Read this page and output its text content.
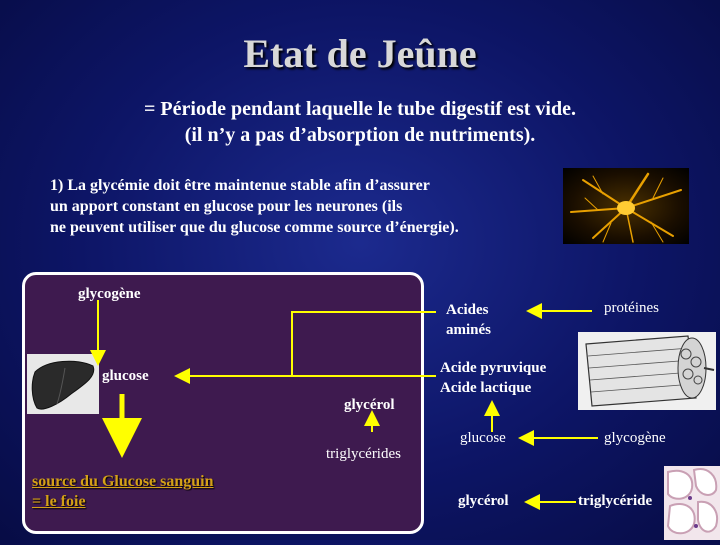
Etat de Jeûne
= Période pendant laquelle le tube digestif est vide.
(il n’y a pas d’absorption de nutriments).
1) La glycémie doit être maintenue stable afin d’assurer
un apport constant en glucose pour les neurones (ils
ne peuvent utiliser que du glucose comme source d’énergie).
glycogène
glucose
glycérol
triglycérides
source du Glucose sanguin
= le foie
Acides
aminés
protéines
Acide pyruvique
Acide lactique
glucose	glycogène
glycérol	triglycéride
